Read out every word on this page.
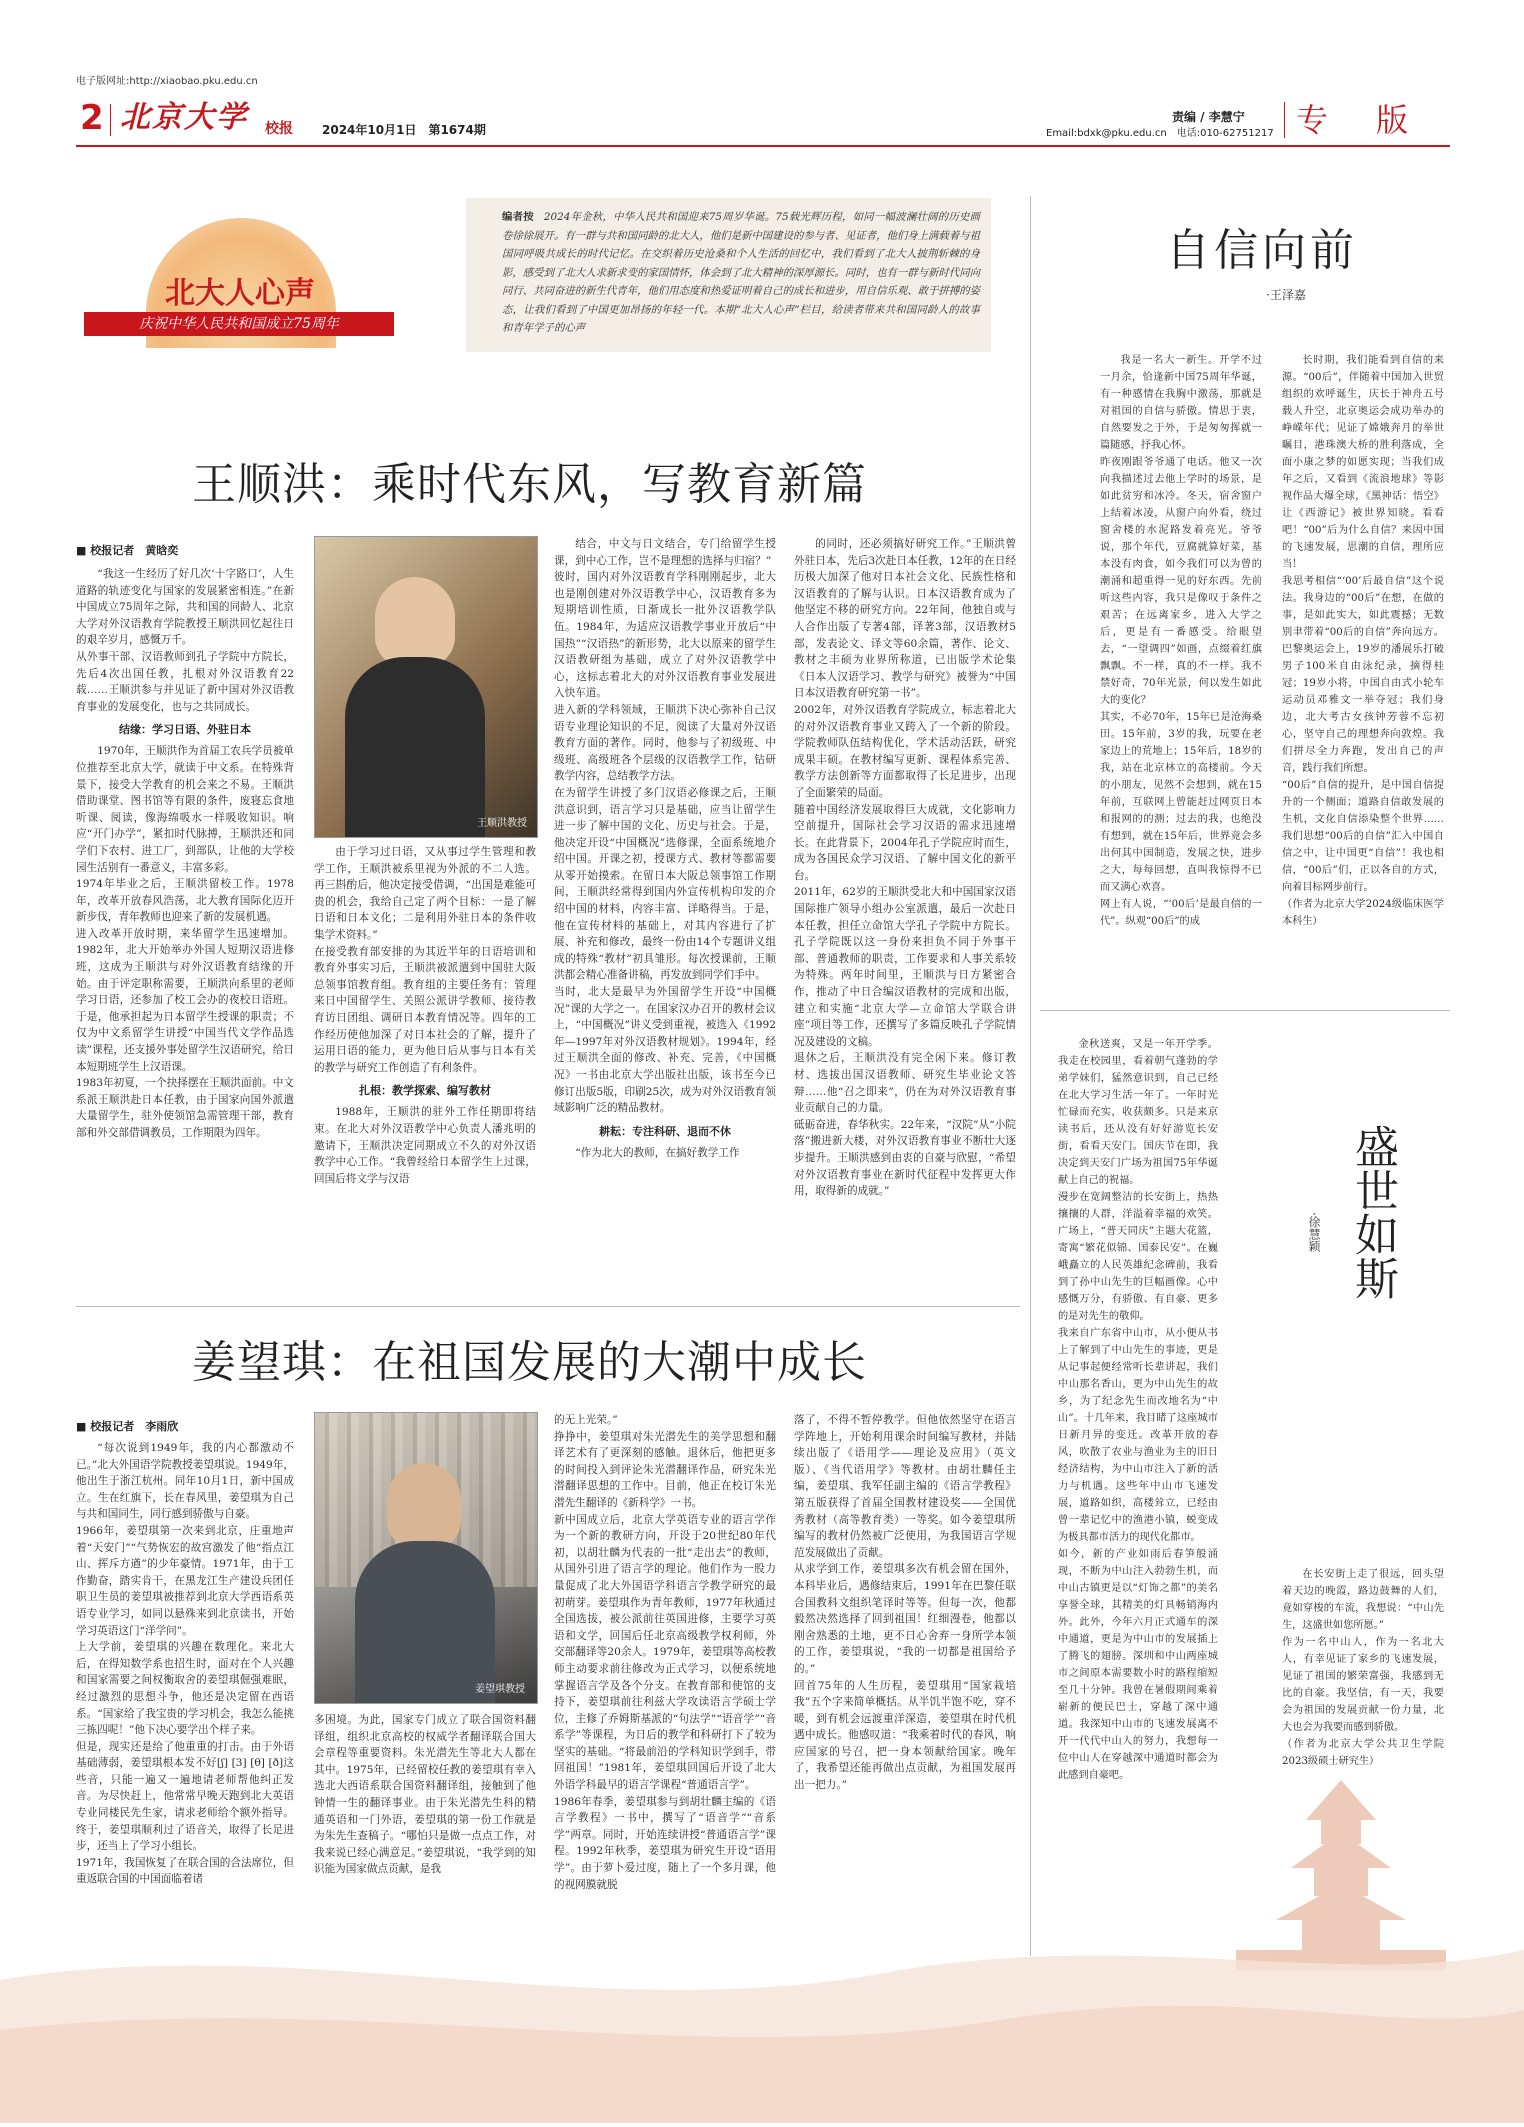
电子版网址:http://xiaobao.pku.edu.cn
2 北京大学 校报 2024年10月1日　第1674期
责编 / 李慧宁
Email:bdxk@pku.edu.cn　电话:010-62751217 专　版
北大人心声
庆祝中华人民共和国成立75周年
编者按 2024年金秋，中华人民共和国迎来75周岁华诞。75载光辉历程，如同一幅波澜壮阔的历史画卷徐徐展开。有一群与共和国同龄的北大人，他们是新中国建设的参与者、见证者，他们身上满载着与祖国同呼吸共成长的时代记忆。在交织着历史沧桑和个人生活的回忆中，我们看到了北大人披荆斩棘的身影，感受到了北大人求新求变的家国情怀，体会到了北大精神的深厚源长。同时，也有一群与新时代同向同行、共同奋进的新生代青年，他们用态度和热爱证明着自己的成长和进步，用自信乐观、敢于拼搏的姿态，让我们看到了中国更加昂扬的年轻一代。本期“北大人心声”栏目，给读者带来共和国同龄人的故事和青年学子的心声
王顺洪：乘时代东风，写教育新篇
■ 校报记者　黄晗奕

“我这一生经历了好几次‘十字路口’，人生道路的轨迹变化与国家的发展紧密相连。”在新中国成立75周年之际，共和国的同龄人、北京大学对外汉语教育学院教授王顺洪回忆起往日的艰辛岁月，感慨万千。
从外事干部、汉语教师到孔子学院中方院长，先后4次出国任教，扎根对外汉语教育22载……王顺洪参与并见证了新中国对外汉语教育事业的发展变化，也与之共同成长。

结缘：学习日语、外驻日本

1970年，王顺洪作为首届工农兵学员被单位推荐至北京大学，就读于中文系。在特殊背景下，接受大学教育的机会来之不易。王顺洪借助课堂、图书馆等有限的条件，废寝忘食地听课、阅读，像海绵吸水一样吸收知识。响应“开门办学”，紧扣时代脉搏，王顺洪还和同学们下农村、进工厂，到部队，让他的大学校园生活别有一番意义，丰富多彩。
1974年毕业之后，王顺洪留校工作。1978年，改革开放春风浩荡，北大教育国际化迈开新步伐，青年教师也迎来了新的发展机遇。
进入改革开放时期，来华留学生迅速增加。1982年，北大开始举办外国人短期汉语进修班，这成为王顺洪与对外汉语教育结缘的开始。由于评定职称需要，王顺洪向系里的老师学习日语，还参加了校工会办的夜校日语班。于是，他承担起为日本留学生授课的职责；不仅为中文系留学生讲授“中国当代文学作品选读”课程，还支援外事处留学生汉语研究，给日本短期班学生上汉语课。
1983年初夏，一个抉择摆在王顺洪面前。中文系派王顺洪赴日本任教，由于国家向国外派遣大量留学生，驻外使领馆急需管理干部，教育部和外交部借调教员，工作期限为四年。

王顺洪教授

由于学习过日语，又从事过学生管理和教学工作，王顺洪被系里视为外派的不二人选。再三斟酌后，他决定接受借调，“出国是难能可贵的机会，我给自己定了两个目标：一是了解日语和日本文化；二是利用外驻日本的条件收集学术资料。”
在接受教育部安排的为其近半年的日语培训和教育外事实习后，王顺洪被派遣到中国驻大阪总领事馆教育组。教育组的主要任务有：管理来日中国留学生、关照公派讲学教师、接待教育访日团组、调研日本教育情况等。四年的工作经历使他加深了对日本社会的了解，提升了运用日语的能力，更为他日后从事与日本有关的教学与研究工作创造了有利条件。

扎根：教学探索、编写教材

1988年，王顺洪的驻外工作任期即将结束。在北大对外汉语教学中心负责人潘兆明的邀请下，王顺洪决定同期成立不久的对外汉语教学中心工作。“我曾经给日本留学生上过课，回国后将文学与汉语

结合，中文与日文结合，专门给留学生授课，到中心工作，岂不是理想的选择与归宿？”
彼时，国内对外汉语教育学科刚刚起步，北大也是刚创建对外汉语教学中心，汉语教育多为短期培训性质，日渐成长一批外汉语教学队伍。1984年，为适应汉语教学事业开放后“中国热”“汉语热”的新形势，北大以原来的留学生汉语教研组为基础，成立了对外汉语教学中心，这标志着北大的对外汉语教育事业发展进入快车道。
进入新的学科领域，王顺洪下决心弥补自己汉语专业理论知识的不足，阅读了大量对外汉语教育方面的著作。同时，他参与了初级班、中级班、高级班各个层级的汉语教学工作，钻研教学内容，总结教学方法。
在为留学生讲授了多门汉语必修课之后，王顺洪意识到，语言学习只是基础，应当让留学生进一步了解中国的文化、历史与社会。于是，他决定开设“中国概况”选修课，全面系统地介绍中国。开课之初，授课方式、教材等都需要从零开始摸索。在留日本大阪总领事馆工作期间，王顺洪经常得到国内外宣传机构印发的介绍中国的材料，内容丰富、详略得当。于是，他在宣传材料的基础上，对其内容进行了扩展、补充和修改，最终一份由14个专题讲义组成的特殊“教材”初具雏形。每次授课前，王顺洪都会精心准备讲稿，再发放到同学们手中。
当时，北大是最早为外国留学生开设“中国概况”课的大学之一。在国家汉办召开的教材会议上，“中国概况”讲义受到重视，被选入《1992年—1997年对外汉语教材规划》。1994年，经过王顺洪全面的修改、补充、完善，《中国概况》一书由北京大学出版社出版，该书至今已修订出版5版，印刷25次，成为对外汉语教育领域影响广泛的精品教材。

耕耘：专注科研、退而不休

“作为北大的教师，在搞好教学工作

的同时，还必须搞好研究工作。”王顺洪曾外驻日本，先后3次赴日本任教，12年的在日经历极大加深了他对日本社会文化、民族性格和汉语教育的了解与认识。日本汉语教育成为了他坚定不移的研究方向。22年间，他独自或与人合作出版了专著4部，译著3部，汉语教材5部，发表论文、译文等60余篇，著作、论文、教材之丰硕为业界所称道，已出版学术论集《日本人汉语学习、教学与研究》被誉为“中国日本汉语教育研究第一书”。
2002年，对外汉语教育学院成立，标志着北大的对外汉语教育事业又跨入了一个新的阶段。学院教师队伍结构优化，学术活动活跃，研究成果丰硕。在教材编写更新、课程体系完善、教学方法创新等方面都取得了长足进步，出现了全面繁荣的局面。
随着中国经济发展取得巨大成就，文化影响力空前提升，国际社会学习汉语的需求迅速增长。在此背景下，2004年孔子学院应时而生，成为各国民众学习汉语、了解中国文化的新平台。
2011年，62岁的王顺洪受北大和中国国家汉语国际推广领导小组办公室派遣，最后一次赴日本任教，担任立命馆大学孔子学院中方院长。孔子学院既以这一身份来担负不同于外事干部、普通教师的职责，工作要求和人事关系较为特殊。两年时间里，王顺洪与日方紧密合作，推动了中日合编汉语教材的完成和出版，建立和实施“北京大学—立命馆大学联合讲座”项目等工作，还撰写了多篇反映孔子学院情况及建设的文稿。
退休之后，王顺洪没有完全闲下来。修订教材、选拔出国汉语教师、研究生毕业论文答辩……他“召之即来”，仍在为对外汉语教育事业贡献自己的力量。
砥砺奋进，春华秋实。22年来，“汉院”从“小院落”搬进新大楼，对外汉语教育事业不断壮大逐步提升。王顺洪感到由衷的自豪与欣慰，“希望对外汉语教育事业在新时代征程中发挥更大作用，取得新的成就。”

姜望琪：在祖国发展的大潮中成长
■ 校报记者　李雨欣

“每次说到1949年，我的内心都激动不已。”北大外国语学院教授姜望琪说。1949年，他出生于浙江杭州。同年10月1日，新中国成立。生在红旗下，长在春风里，姜望琪为自己与共和国同生，同行感到骄傲与自豪。
1966年，姜望琪第一次来到北京，庄重地声着“天安门”“气势恢宏的故宫激发了他“指点江山、挥斥方遒”的少年豪情。1971年，由于工作勤奋，踏实肯干，在黑龙江生产建设兵团任职卫生员的姜望琪被推荐到北京大学西语系英语专业学习，如同以悬殊来到北京读书，开始学习英语这门“洋学问”。
上大学前，姜望琪的兴趣在数理化。来北大后，在得知数学系也招生时，面对在个人兴趣和国家需要之间权衡取舍的姜望琪倔强难眠，经过激烈的思想斗争，他还是决定留在西语系。“国家给了我宝贵的学习机会，我怎么能挑三拣四呢！”他下决心要学出个样子来。
但是，现实还是给了他重重的打击。由于外语基础薄弱，姜望琪根本发不好[ʃ] [3] [θ] [ð]这些音，只能一遍又一遍地请老师帮他纠正发音。为尽快赶上，他常常早晚天跑到北大英语专业同楼民先生家，请求老师给个额外指导。终于，姜望琪顺利过了语音关，取得了长足进步，还当上了学习小组长。
1971年，我国恢复了在联合国的合法席位，但重返联合国的中国面临着诸

姜望琪教授

多困境。为此，国家专门成立了联合国资料翻译组，组织北京高校的权威学者翻译联合国大会章程等重要资料。朱光潜先生等北大人都在其中。1975年，已经留校任教的姜望琪有幸入选北大西语系联合国资料翻译组，接触到了他钟情一生的翻译事业。由于朱光潜先生科的精通英语和一门外语，姜望琪的第一份工作就是为朱先生查稿子。“哪怕只是做一点点工作，对我来说已经心满意足。”姜望琪说，“我学到的知识能为国家做点贡献，是我

的无上光荣。”
挣挣中，姜望琪对朱光潜先生的美学思想和翻译艺术有了更深刻的感触。退休后，他把更多的时间投入到评论朱光潜翻译作品，研究朱光潜翻译思想的工作中。目前，他正在校订朱光潜先生翻译的《新科学》一书。
新中国成立后，北京大学英语专业的语言学作为一个新的教研方向，开设于20世纪80年代初，以胡壮麟为代表的一批“走出去”的教师，从国外引进了语言学的理论。他们作为一股力量促成了北大外国语学科语言学教学研究的最初萌芽。姜望琪作为青年教师，1977年秋通过全国选拔，被公派前往英国进修，主要学习英语和文学，回国后任北京高级教学权利师，外交部翻译等20余人。1979年，姜望琪等高校教师主动要求前往修改为正式学习，以便系统地掌握语言学及各个分支。在教育部和使馆的支持下，姜望琪前往利兹大学攻读语言学硕士学位，主修了乔姆斯基派的“句法学”“语音学”“音系学”等课程，为日后的教学和科研打下了较为坚实的基础。“将最前沿的学科知识学到手，带回祖国！”1981年，姜望琪回国后开设了北大外语学科最早的语言学课程“普通语言学”。
1986年春季，姜望琪参与到胡壮麟主编的《语言学教程》一书中，撰写了“语音学”“音系学”两章。同时，开始连续讲授“普通语言学”课程。1992年秋季，姜望琪为研究生开设“语用学”。由于萝卜爱过度，随上了一个多月课，他的视网膜就脱

落了，不得不暂停教学。但他依然坚守在语言学阵地上，开始利用课余时间编写教材，并陆续出版了《语用学——理论及应用》（英文版）、《当代语用学》等教材。由胡壮麟任主编，姜望琪、我军任副主编的《语言学教程》第五版获得了首届全国教材建设奖——全国优秀教材（高等教育类）一等奖。如今姜望琪所编写的教材仍然被广泛使用，为我国语言学规范发展做出了贡献。
从求学到工作，姜望琪多次有机会留在国外，本科毕业后，遇修结束后，1991年在巴黎任联合国教科文组织笔译时等等。但每一次，他都毅然决然选择了回到祖国！红细漫卷，他都以刚舍熟悉的土地，更不日心舍弃一身所学本领的工作，姜望琪说，“我的一切都是祖国给予的。”
回首75年的人生历程，姜望琪用“国家栽培我”五个字来简单概括。从半饥半饱不吃，穿不暖，到有机会远渡重洋深造，姜望琪在时代机遇中成长。他感叹道：“我乘着时代的春风，响应国家的号召，把一身本领献给国家。晚年了，我希望还能再做出点贡献，为祖国发展再出一把力。”

自信向前
·王泽嘉

我是一名大一新生。开学不过一月余，恰逢新中国75周年华诞，有一种感情在我胸中激荡，那就是对祖国的自信与骄傲。情思于衷，自然要发之于外，于是匆匆挥就一篇随感，抒我心怀。
昨夜刚跟爷爷通了电话。他又一次向我描述过去他上学时的场景，是如此贫穷和冰冷。冬天，宿舍窗户上结着冰凌，从窗户向外看，绕过窗舍楼的水泥路发着亮光。爷爷说，那个年代，豆腐就算好菜，基本没有肉食，如今我们可以为曾的潮涌和超重得一见的好东西。先前听这些内容，我只是像叹于条件之艰苦；在远离家乡，进入大学之后，更是有一番感受。给眼望去，“一望调四”如画，点缀着红旗飘飘。不一样，真的不一样。我不禁好奇，70年光景，何以发生如此大的变化？
其实，不必70年，15年已是沧海桑田。15年前，3岁的我，玩要在老家边上的荒地上；15年后，18岁的我，站在北京林立的高楼前。今天的小朋友，见然不会想到，就在15年前，互联网上曾能赶过网页日本和报网的的测；过去的我，也绝没有想到，就在15年后，世界竟会多出何其中国制造，发展之快，进步之大，每每回想，直叫我惊得不已而又满心欢喜。
网上有人说，“‘00后’是最自信的一代”。纵观“00后”的成

长时期，我们能看到自信的来源。“00后”，伴随着中国加入世贸组织的欢呼诞生，庆长于神舟五号载人升空，北京奥运会成功举办的峥嵘年代；见证了嫦娥奔月的举世瞩目，港珠澳大桥的胜利落成，全面小康之梦的如愿实现；当我们成年之后，又看到《流浪地球》等影视作品大爆全球，《黑神话：悟空》让《西游记》被世界知晓。看看吧！“00”后为什么自信？来因中国的飞速发展，思潮的自信，理所应当！
我思考相信“‘00’后最自信”这个说法。我身边的“00后”在想，在做的事，是如此实大，如此震撼；无数别聿带着“00后的自信”奔向远方。巴黎奥运会上，19岁的潘展乐打破男子100米自由泳纪录，摘得桂冠；19岁小将，中国自由式小轮车运动员邓雅文一举夺冠；我们身边，北大考古女孩钟芳蓉不忘初心，坚守自己的理想奔向敦煌。我们拼尽全力奔跑，发出自己的声音，践行我们所想。
“00后”自信的提升，是中国自信提升的一个侧面；道路自信敢发展的生机，文化自信添染整个世界……我们思想“00后的自信”汇入中国自信之中，让中国更“自信”！我也相信，“00后”们，正以各自的方式，向着目标网步前行。
（作者为北京大学2024级临床医学本科生）

盛世如斯
·徐慧颖

金秋送爽，又是一年开学季。我走在校园里，看着朝气蓬勃的学弟学妹们，猛然意识到，自己已经在北大学习生活一年了。一年时光忙碌而充实，收获颇多。只是来京读书后，还从没有好好游览长安街，看看天安门。国庆节在即，我决定到天安门广场为祖国75年华诞献上自己的祝福。
漫步在宽阔整洁的长安街上，热热攘攘的人群，洋溢着幸福的欢笑。广场上，“普天同庆”主题大花篮，寄寓“繁花似锦、国泰民安”。在巍峨矗立的人民英雄纪念碑前，我看到了孙中山先生的巨幅画像。心中感慨万分，有骄傲、有自豪、更多的是对先生的敬仰。
我来自广东省中山市，从小便从书上了解到了中山先生的事迹，更是从记事起便经常听长辈讲起，我们中山那名香山，更为中山先生的故乡，为了纪念先生而改地名为“中山”。十几年来，我目睹了这座城市日新月异的变迁。改革开放的春风，吹散了农业与渔业为主的旧日经济结构，为中山市注入了新的活力与机遇。这些年中山市飞速发展，道路如织，高楼耸立，已经由曾一辈记忆中的渔港小镇，蜕变成为极具都市活力的现代化都市。
如今，新的产业如雨后春笋般涌现，不断为中山注入勃勃生机，而中山古镇更是以“灯饰之都”的美名享誉全球，其精美的灯具畅销海内外。此外，今年六月正式通车的深中通道，更是为中山市的发展插上了腾飞的翅膀。深圳和中山两座城市之间原本需要数小时的路程缩短至几十分钟。我曾在暑假期间乘着崭新的便民巴士，穿越了深中通道。我深知中山市的飞速发展离不开一代代中山人的努力，我想每一位中山人在穿越深中通道时都会为此感到自豪吧。

在长安街上走了很远，回头望着天边的晚霞，路边鼓舞的人们，竟如穿梭的车流，我想说：“中山先生，这盛世如您所愿。”
作为一名中山人，作为一名北大人，有幸见证了家乡的飞速发展，见证了祖国的繁荣富强，我感到无比的自豪。我坚信，有一天，我要会为祖国的发展贡献一份力量，北大也会为我要而感到骄傲。
（作者为北京大学公共卫生学院2023级硕士研究生）
